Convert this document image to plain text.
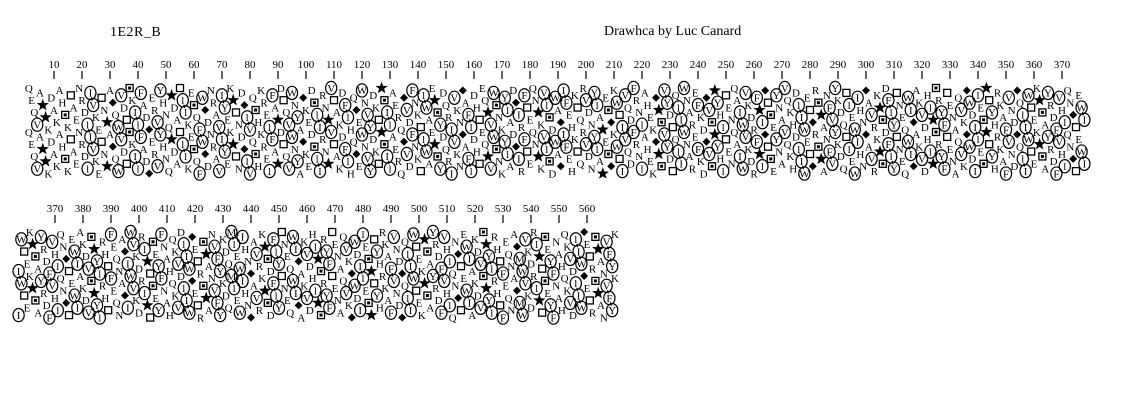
1E2R_B	Drawhca by Luc Canard
10 20 30 40 50 60 70 80 90 100 110 120 130 140 150 160 170 180 190 200 210 220 230 240 250 260 270 280 290 300 310 320 330 340 350 360 370
Q
Q
E
E
Q
Q
V
V
A
A
K
K
D
D
A
A
K
K
A
A
H
H
K
K
A
A
E
E
N
N
R
R
D
D
l
l
I
I
V
V
K
K
E
E
N
N
A
A
Q
Q
W
W
V
V
D
D
K
K
I
I
l
l
F
F
A
A
D
D
E
E
R
R
V
V
Y
Y
H
H
N
N
Q
Q
D
D
A
A
l
l
l
l
K
K
E
E
Q
Q
F
F
W
W
D
D
N
N
R
R
A
A
V
V
I
I
Y
Y
E
E
K
K
N
N
D
D
l
l
V
V
Q
Q
H
H
K
K
R
R
E
E
l
l
F
F
A
A
D
D
Q
Q
V
V
W
W
N
N
Y
Y
A
A
K
K
E
E
D
D
l
l
I
I
R
R
N
N
V
V
A
A
K
K
D
D
F
F
l
l
H
H
Q
Q
E
E
W
W
N
N
V
V
Y
Y
D
D
K
K
I
I
l
l
A
A
E
E
R
R
Q
Q
V
V
D
D
F
F
N
N
K
K
l
l
W
W
A
A
E
E
Y
Y
D
D
Q
Q
R
R
I
I
V
V
K
K
N
N
A
A
F
F
l
l
D
D
H
H
E
E
Q
Q
V
V
W
W
N
N
K
K
Y
Y
l
l
A
A
D
D
I
I
R
R
F
F
E
E
Q
Q
N
N
K
K
V
V
l
l
D
D
W
W
A
A
I
I
F
F
E
E
H
H
K
K
Q
Q
R
R
V
V
D
D
N
N
Y
Y
l
l
A
A
E
E
K
K
W
W
I
I
V
V
Q
Q
D
D
F
F
R
R
N
N
l
l
A
A
H
H
E
E
K
K
V
V
Y
Y
D
D
Q
Q
l
l
I
I
W
W
N
N
A
A
R
R
E
E
F
F
K
K
D
D
V
V
Y
Y
H
H
l
l
E
E
N
N
Q
Q
A
A
I
I
W
W
V
V
K
K
D
D
R
R
F
F
l
l
E
E
Y
Y
N
N
A
A
V
V
Q
Q
K
K
H
H
D
D
l
l
I
I
W
W
E
E
R
R
A
A
N
N
F
F
V
V
Y
Y
K
K
D
D
Q
Q
l
l
E
E
W
W
I
I
H
H
N
N
A
A
V
V
R
R
K
K
D
D
F
F
l
l
Y
Y
N
N
E
E
Q
Q
W
W
I
I
A
A
K
K
V
V
D
D
H
H
l
l
R
R
Y
Y
F
F
E
E
N
N
A
A
Q
Q
V
V
K
K
W
W
D
D
I
I
l
l
E
E
Y
Y
H
H
R
R
K
K
A
A
F
F
V
V
N
N
D
D
Q
Q
l
l
I
I
W
W
E
E
K
K
A
A
Y
Y
R
R
D
D
F
F
V
V
H
H
l
l
Q
Q
N
N
E
E
W
W
I
I
370 380 390 400 410 420 430 440 450 460 470 480 490 500 510 520 530 540 550 560
I
I
W
W
E
E
K
K
A
A
Y
Y
R
R
D
D
F
F
V
V
H
H
l
l
Q
Q
N
N
E
E
W
W
I
I
A
A
K
K
D
D
V
V
Y
Y
l
l
R
R
H
H
F
F
E
E
Q
Q
N
N
A
A
I
I
W
W
V
V
K
K
D
D
R
R
l
l
E
E
Y
Y
F
F
N
N
A
A
H
H
Q
Q
K
K
V
V
D
D
l
l
I
I
W
W
E
E
R
R
A
A
N
N
V
V
F
F
Y
Y
K
K
D
D
Q
Q
M
M
l
l
E
E
W
W
I
I
H
H
N
N
A
A
V
V
R
R
K
K
D
D
F
F
l
l
Y
Y
N
N
E
E
Q
Q
W
W
I
I
A
A
K
K
V
V
D
D
H
H
l
l
R
R
Y
Y
F
F
E
E
N
N
A
A
Q
Q
V
V
K
K
W
W
D
D
I
I
l
l
E
E
Y
Y
H
H
R
R
K
K
A
A
F
F
V
V
N
N
D
D
Q
Q
l
l
I
I
W
W
E
E
K
K
A
A
Y
Y
R
R
D
D
F
F
V
V
H
H
l
l
Q
Q
N
N
E
E
W
W
I
I
A
A
K
K
D
D
V
V
Y
Y
l
l
R
R
H
H
F
F
E
E
Q
Q
N
N
A
A
M
M
W
W
V
V
K
K
D
D
R
R
l
l
E
E
Y
Y
F
F
N
N
A
A
H
H
Q
Q
K
K
V
V
D
D
l
l
I
I
W
W
E
E
R
R
A
A
N
N
V
V
F
F
Y
Y
K
K
